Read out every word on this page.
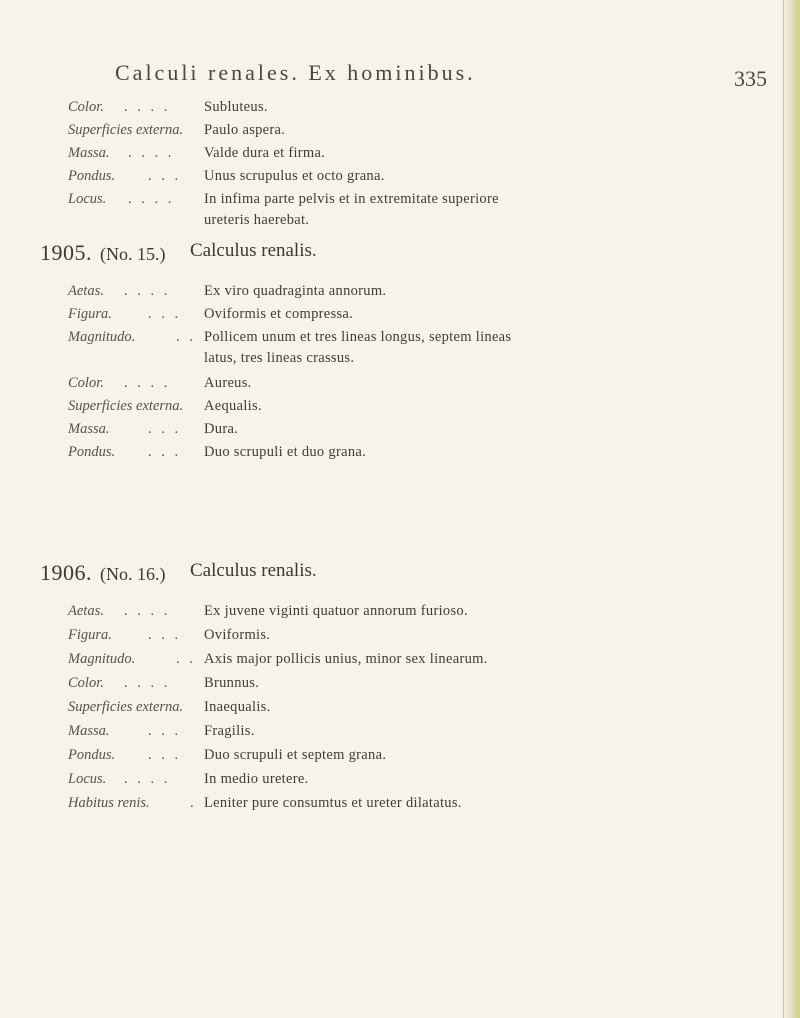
Calculi renales. Ex hominibus.	335
Color. . . . . Subluteus.
Superficies externa. Paulo aspera.
Massa. . . . . Valde dura et firma.
Pondus. . . . Unus scrupulus et octo grana.
Locus. . . . . In infima parte pelvis et in extremitate superiore
ureteris haerebat.
1905. (No. 15.) Calculus renalis.
Aetas. . . . . Ex viro quadraginta annorum.
Figura. . . . Oviformis et compressa.
Magnitudo.	. . Pollicem unum et tres lineas longus, septem lineas
latus, tres lineas crassus.
Color. . . . . Aureus.
Superficies externa. Aequalis.
Massa.	. . . Dura.
Pondus. . . . Duo scrupuli et duo grana.
1906. (No. 16.) Calculus renalis.
Aetas. . . . . Ex juvene viginti quatuor annorum furioso.
Figura. . . . Oviformis.
Magnitudo.	. . Axis major pollicis unius, minor sex linearum.
Color. . . . . Brunnus.
Superficies externa. Inaequalis.
Massa.	. . . Fragilis.
Pondus. . . . Duo scrupuli et septem grana.
Locus. . . . . In medio uretere.
Habitus renis.	. Leniter pure consumtus et ureter dilatatus.
